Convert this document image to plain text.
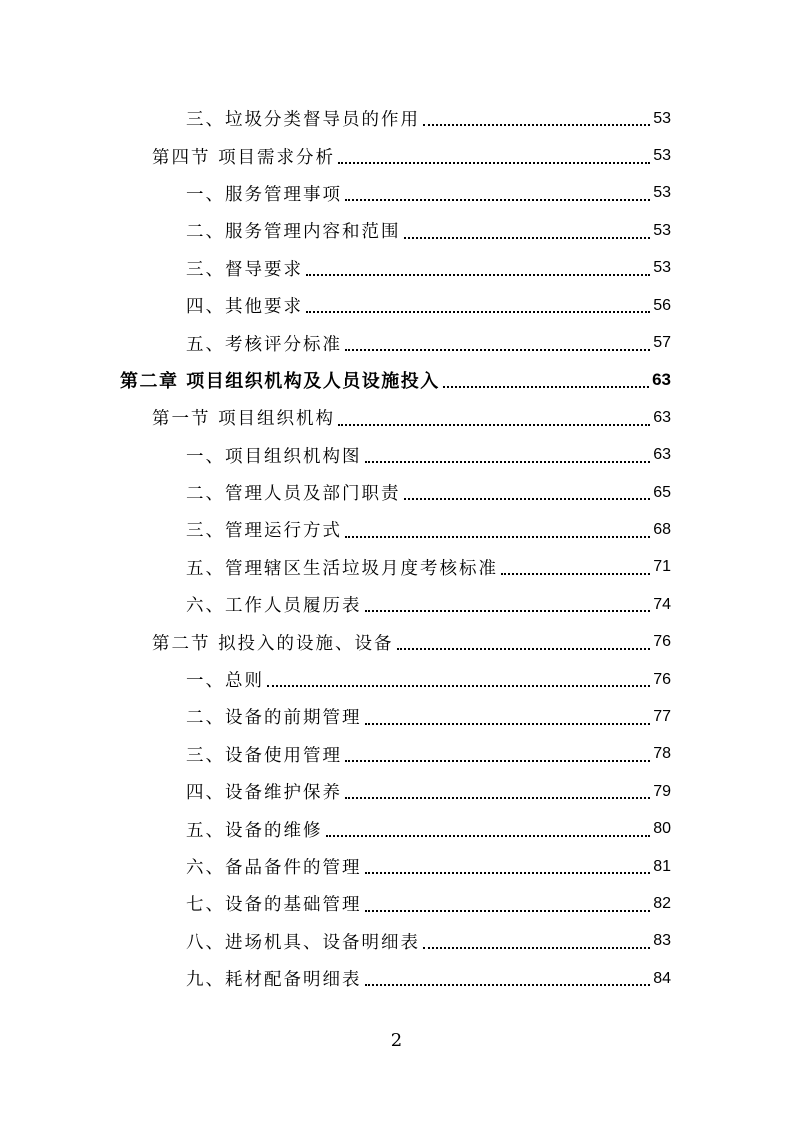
三、垃圾分类督导员的作用	53
第四节 项目需求分析	53
一、服务管理事项	53
二、服务管理内容和范围	53
三、督导要求	53
四、其他要求	56
五、考核评分标准	57
第二章 项目组织机构及人员设施投入	63
第一节 项目组织机构	63
一、项目组织机构图	63
二、管理人员及部门职责	65
三、管理运行方式	68
五、管理辖区生活垃圾月度考核标准	71
六、工作人员履历表	74
第二节 拟投入的设施、设备	76
一、总则	76
二、设备的前期管理	77
三、设备使用管理	78
四、设备维护保养	79
五、设备的维修	80
六、备品备件的管理	81
七、设备的基础管理	82
八、进场机具、设备明细表	83
九、耗材配备明细表	84
2
